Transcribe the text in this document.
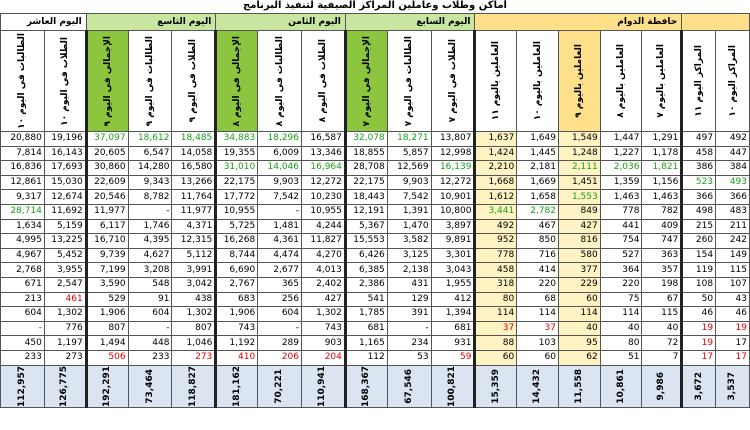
أماكن وطلاب وعاملين المراكز الصيفية لتنفيذ البرنامج
اليوم العاشر		اليوم التاسع			اليوم الثامن			اليوم السابع			حافظة الدوام						

الطالبات في اليوم ١٠	الطلاب في اليوم ١٠	الإجمالي في اليوم ٩	الطالبات في اليوم ٩	الطلاب في اليوم ٩	الإجمالي في اليوم ٨	الطالبات في اليوم ٨	الطلاب في اليوم ٨	الإجمالي في اليوم ٧	الطالبات في اليوم ٧	الطلاب في اليوم ٧	العاملين باليوم ١١	العاملين باليوم ١٠	العاملين باليوم ٩	العاملين باليوم ٨	العاملين باليوم ٧	المراكز اليوم ١١	المراكز اليوم ١٠

20,880	19,196	37,097	18,612	18,485	34,883	18,296	16,587	32,078	18,271	13,807	1,637	1,649	1,549	1,447	1,291	497	492
7,814	16,143	20,605	6,547	14,058	19,355	6,009	13,346	18,855	5,857	12,998	1,424	1,445	1,248	1,227	1,178	458	447
16,836	17,693	30,860	14,280	16,580	31,010	14,046	16,964	28,708	12,569	16,139	2,210	2,181	2,111	2,036	1,821	386	384
12,861	15,030	22,609	9,343	13,266	22,175	9,903	12,272	22,175	9,903	12,272	1,668	1,669	1,451	1,359	1,156	523	493
9,317	12,674	20,546	8,782	11,764	17,772	7,542	10,230	18,443	7,542	10,901	1,612	1,658	1,553	1,463	1,463	366	366
28,714	11,692	11,977	-	11,977	10,955	-	10,955	12,191	1,391	10,800	3,441	2,782	849	778	782	498	483
1,634	5,159	6,117	1,746	4,371	5,725	1,481	4,244	5,367	1,470	3,897	492	467	427	441	409	215	211
4,995	13,225	16,710	4,395	12,315	16,268	4,361	11,827	15,553	3,582	9,891	952	850	816	754	747	260	242
4,967	5,452	9,739	4,627	5,112	8,744	4,474	4,270	6,426	3,125	3,301	778	716	580	527	363	154	149
2,768	3,955	7,199	3,208	3,991	6,690	2,677	4,013	6,385	2,138	3,043	458	414	377	364	357	119	115
671	2,547	3,590	548	3,042	2,767	365	2,402	2,386	431	1,955	318	220	229	220	198	108	107
213	461	529	91	438	683	256	427	541	129	412	80	68	60	75	67	50	43
604	1,302	1,906	604	1,302	1,906	604	1,302	1,785	391	1,394	114	114	114	114	115	46	46
-	776	807	-	807	743	-	743	681	-	681	37	37	40	40	40	19	19
450	1,197	1,494	448	1,046	1,192	289	903	1,165	234	931	88	103	95	80	72	19	17
233	273	506	233	273	410	206	204	112	53	59	60	60	62	51	7	17	17

112,957	126,775	192,291	73,464	118,827	181,162	70,221	110,941	168,367	67,546	100,821	15,359	14,432	11,558	10,861	9,986	3,672	3,537
